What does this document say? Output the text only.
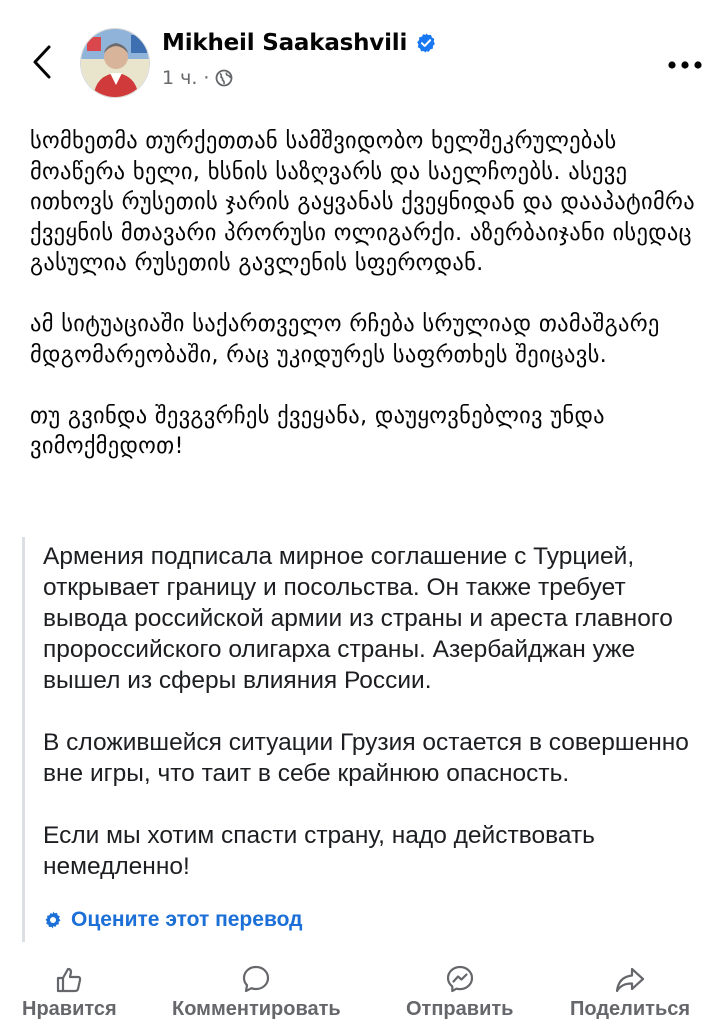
Mikheil Saakashvili
1 ч. ·

სომხეთმა თურქეთთან სამშვიდობო ხელშეკრულებას მოაწერა ხელი, ხსნის საზღვარს და საელჩოებს. ასევე ითხოვს რუსეთის ჯარის გაყვანას ქვეყნიდან და დააპატიმრა ქვეყნის მთავარი პრორუსი ოლიგარქი. აზერბაიჯანი ისედაც გასულია რუსეთის გავლენის სფეროდან.

ამ სიტუაციაში საქართველო რჩება სრულიად თამაშგარე მდგომარეობაში, რაც უკიდურეს საფრთხეს შეიცავს.

თუ გვინდა შევგვრჩეს ქვეყანა, დაუყოვნებლივ უნდა ვიმოქმედოთ!

Армения подписала мирное соглашение с Турцией, открывает границу и посольства. Он также требует вывода российской армии из страны и ареста главного пророссийского олигарха страны. Азербайджан уже вышел из сферы влияния России.

В сложившейся ситуации Грузия остается в совершенно вне игры, что таит в себе крайнюю опасность.

Если мы хотим спасти страну, надо действовать немедленно!

Оцените этот перевод
Нравится	Комментировать	Отправить	Поделиться
